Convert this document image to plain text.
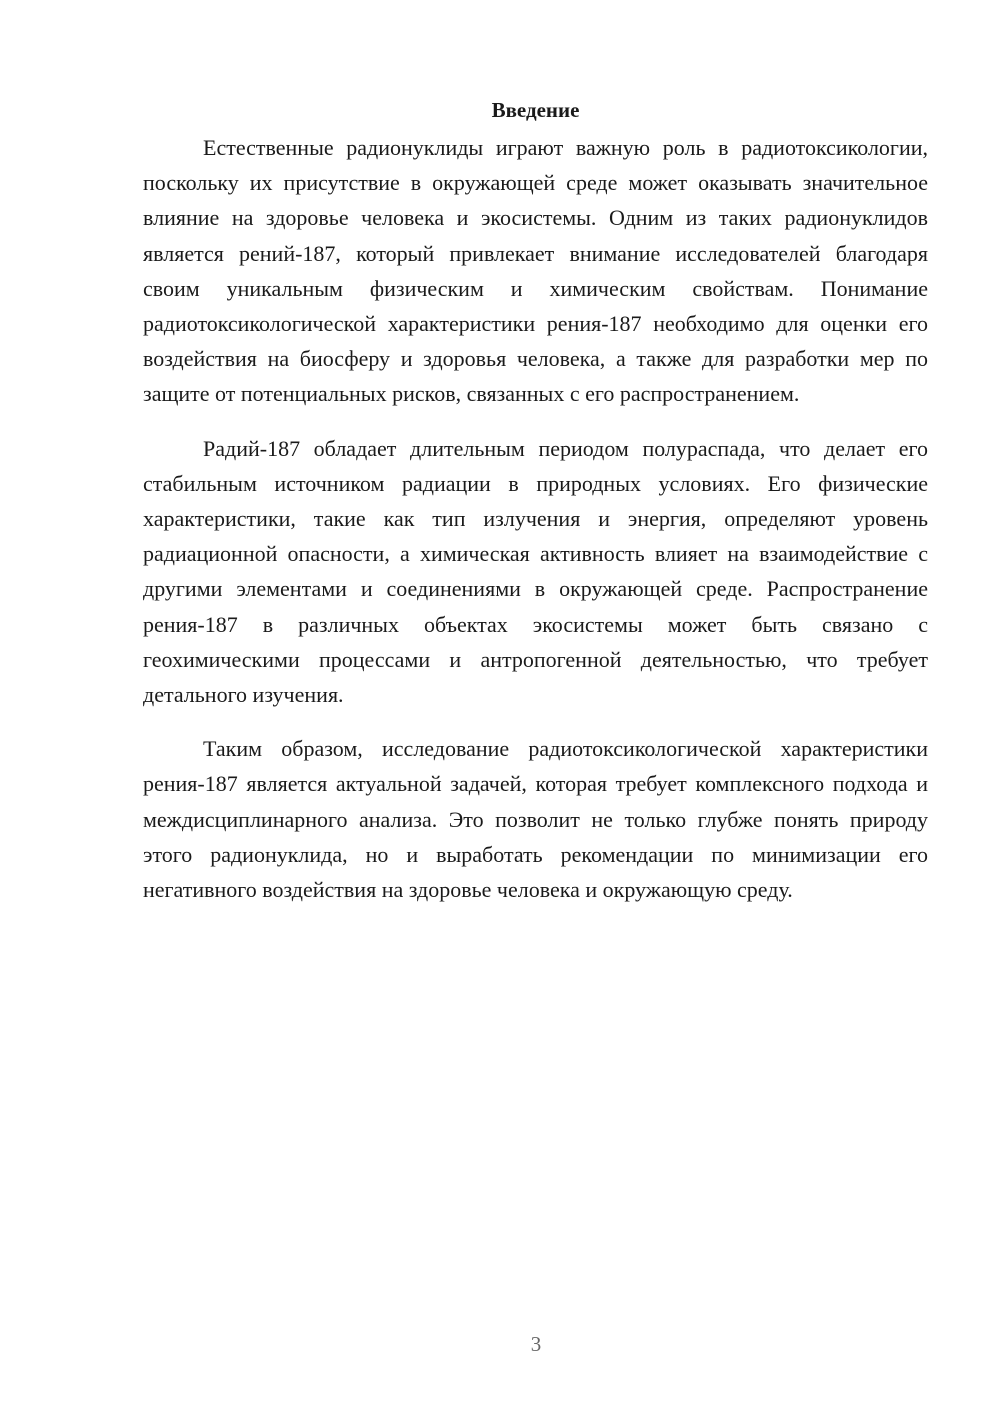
Введение

Естественные радионуклиды играют важную роль в радиотоксикологии, поскольку их присутствие в окружающей среде может оказывать значительное влияние на здоровье человека и экосистемы. Одним из таких радионуклидов является рений-187, который привлекает внимание исследователей благодаря своим уникальным физическим и химическим свойствам. Понимание радиотоксикологической характеристики рения-187 необходимо для оценки его воздействия на биосферу и здоровья человека, а также для разработки мер по защите от потенциальных рисков, связанных с его распространением.

Радий-187 обладает длительным периодом полураспада, что делает его стабильным источником радиации в природных условиях. Его физические характеристики, такие как тип излучения и энергия, определяют уровень радиационной опасности, а химическая активность влияет на взаимодействие с другими элементами и соединениями в окружающей среде. Распространение рения-187 в различных объектах экосистемы может быть связано с геохимическими процессами и антропогенной деятельностью, что требует детального изучения.

Таким образом, исследование радиотоксикологической характеристики рения-187 является актуальной задачей, которая требует комплексного подхода и междисциплинарного анализа. Это позволит не только глубже понять природу этого радионуклида, но и выработать рекомендации по минимизации его негативного воздействия на здоровье человека и окружающую среду.

3
